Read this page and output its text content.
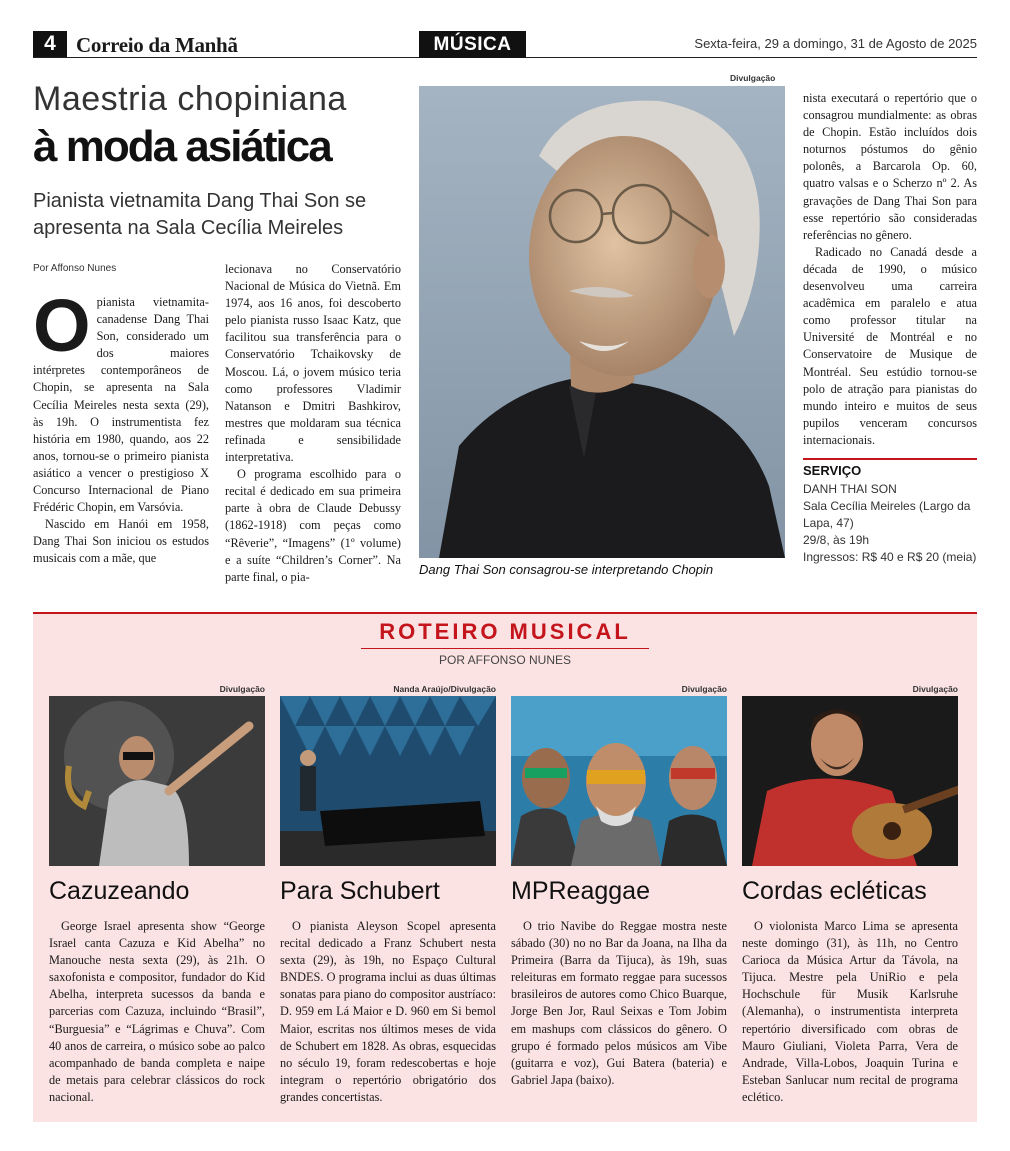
4 Correio da Manhã	MÚSICA	Sexta-feira, 29 a domingo, 31 de Agosto de 2025
Maestria chopiniana
à moda asiática
Pianista vietnamita Dang Thai Son se apresenta na Sala Cecília Meireles
Por Affonso Nunes

Opianista vietnamita-canadense Dang Thai Son, considerado um dos maiores intérpretes contemporâneos de Chopin, se apresenta na Sala Cecília Meireles nesta sexta (29), às 19h. O instrumentista fez história em 1980, quando, aos 22 anos, tornou-se o primeiro pianista asiático a vencer o prestigioso X Concurso Internacional de Piano Frédéric Chopin, em Varsóvia.

Nascido em Hanói em 1958, Dang Thai Son iniciou os estudos musicais com a mãe, que

lecionava no Conservatório Nacional de Música do Vietnã. Em 1974, aos 16 anos, foi descoberto pelo pianista russo Isaac Katz, que facilitou sua transferência para o Conservatório Tchaikovsky de Moscou. Lá, o jovem músico teria como professores Vladimir Natanson e Dmitri Bashkirov, mestres que moldaram sua técnica refinada e sensibilidade interpretativa.

O programa escolhido para o recital é dedicado em sua primeira parte à obra de Claude Debussy (1862-1918) com peças como “Rêverie”, “Imagens” (1º volume) e a suíte “Children’s Corner”. Na parte final, o pia-

Divulgação
Dang Thai Son consagrou-se interpretando Chopin

nista executará o repertório que o consagrou mundialmente: as obras de Chopin. Estão incluídos dois noturnos póstumos do gênio polonês, a Barcarola Op. 60, quatro valsas e o Scherzo nº 2. As gravações de Dang Thai Son para esse repertório são consideradas referências no gênero.

Radicado no Canadá desde a década de 1990, o músico desenvolveu uma carreira acadêmica em paralelo e atua como professor titular na Université de Montréal e no Conservatoire de Musique de Montréal. Seu estúdio tornou-se polo de atração para pianistas do mundo inteiro e muitos de seus pupilos venceram concursos internacionais.

SERVIÇO
DANH THAI SON
Sala Cecília Meireles (Largo da Lapa, 47)
29/8, às 19h
Ingressos: R$ 40 e R$ 20 (meia)
ROTEIRO MUSICAL
POR AFFONSO NUNES
Divulgação
Cazuzeando
George Israel apresenta show “George Israel canta Cazuza e Kid Abelha” no Manouche nesta sexta (29), às 21h. O saxofonista e compositor, fundador do Kid Abelha, interpreta sucessos da banda e parcerias com Cazuza, incluindo “Brasil”, “Burguesia” e “Lágrimas e Chuva”. Com 40 anos de carreira, o músico sobe ao palco acompanhado de banda completa e naipe de metais para celebrar clássicos do rock nacional.
Nanda Araújo/Divulgação
Para Schubert
O pianista Aleyson Scopel apresenta recital dedicado a Franz Schubert nesta sexta (29), às 19h, no Espaço Cultural BNDES. O programa inclui as duas últimas sonatas para piano do compositor austríaco: D. 959 em Lá Maior e D. 960 em Si bemol Maior, escritas nos últimos meses de vida de Schubert em 1828. As obras, esquecidas no século 19, foram redescobertas e hoje integram o repertório obrigatório dos grandes concertistas.
Divulgação
MPReaggae
O trio Navibe do Reggae mostra neste sábado (30) no no Bar da Joana, na Ilha da Primeira (Barra da Tijuca), às 19h, suas releituras em formato reggae para sucessos brasileiros de autores como Chico Buarque, Jorge Ben Jor, Raul Seixas e Tom Jobim em mashups com clássicos do gênero. O grupo é formado pelos músicos am Vibe (guitarra e voz), Gui Batera (bateria) e Gabriel Japa (baixo).
Divulgação
Cordas ecléticas
O violonista Marco Lima se apresenta neste domingo (31), às 11h, no Centro Carioca da Música Artur da Távola, na Tijuca. Mestre pela UniRio e pela Hochschule für Musik Karlsruhe (Alemanha), o instrumentista interpreta repertório diversificado com obras de Mauro Giuliani, Violeta Parra, Vera de Andrade, Villa-Lobos, Joaquin Turina e Esteban Sanlucar num recital de programa eclético.
